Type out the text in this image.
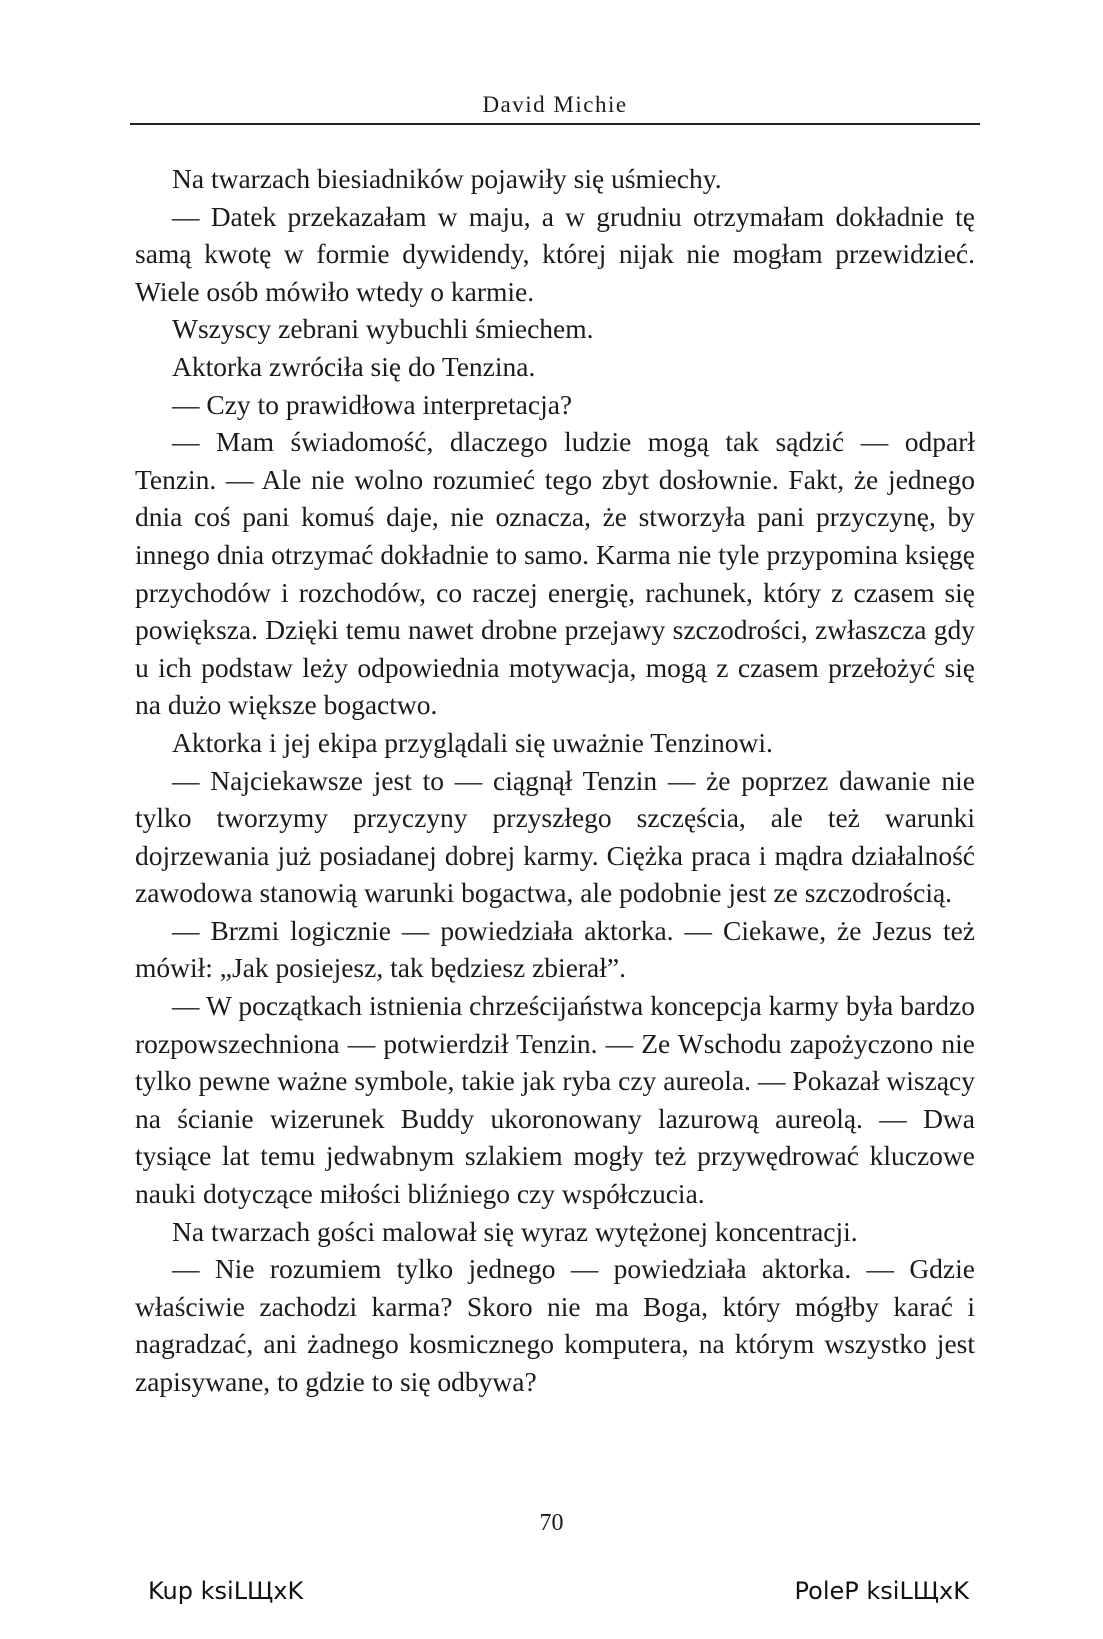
David Michie

Na twarzach biesiadników pojawiły się uśmiechy.

— Datek przekazałam w maju, a w grudniu otrzymałam dokładnie tę samą kwotę w formie dywidendy, której nijak nie mogłam przewidzieć. Wiele osób mówiło wtedy o karmie.

Wszyscy zebrani wybuchli śmiechem.

Aktorka zwróciła się do Tenzina.

— Czy to prawidłowa interpretacja?

— Mam świadomość, dlaczego ludzie mogą tak sądzić — odparł Tenzin. — Ale nie wolno rozumieć tego zbyt dosłownie. Fakt, że jednego dnia coś pani komuś daje, nie oznacza, że stworzyła pani przyczynę, by innego dnia otrzymać dokładnie to samo. Karma nie tyle przypomina księgę przychodów i rozchodów, co raczej energię, rachunek, który z czasem się powiększa. Dzięki temu nawet drobne przejawy szczodrości, zwłaszcza gdy u ich podstaw leży odpowiednia motywacja, mogą z czasem przełożyć się na dużo większe bogactwo.

Aktorka i jej ekipa przyglądali się uważnie Tenzinowi.

— Najciekawsze jest to — ciągnął Tenzin — że poprzez dawanie nie tylko tworzymy przyczyny przyszłego szczęścia, ale też warunki dojrzewania już posiadanej dobrej karmy. Ciężka praca i mądra działalność zawodowa stanowią warunki bogactwa, ale podobnie jest ze szczodrością.

— Brzmi logicznie — powiedziała aktorka. — Ciekawe, że Jezus też mówił: „Jak posiejesz, tak będziesz zbierał”.

— W początkach istnienia chrześcijaństwa koncepcja karmy była bardzo rozpowszechniona — potwierdził Tenzin. — Ze Wschodu zapożyczono nie tylko pewne ważne symbole, takie jak ryba czy aureola. — Pokazał wiszący na ścianie wizerunek Buddy ukoronowany lazurową aureolą. — Dwa tysiące lat temu jedwabnym szlakiem mogły też przywędrować kluczowe nauki dotyczące miłości bliźniego czy współczucia.

Na twarzach gości malował się wyraz wytężonej koncentracji.

— Nie rozumiem tylko jednego — powiedziała aktorka. — Gdzie właściwie zachodzi karma? Skoro nie ma Boga, który mógłby karać i nagradzać, ani żadnego kosmicznego komputera, na którym wszystko jest zapisywane, to gdzie to się odbywa?

70
Kup ksiLЩxK	PoleP ksiLЩxK
